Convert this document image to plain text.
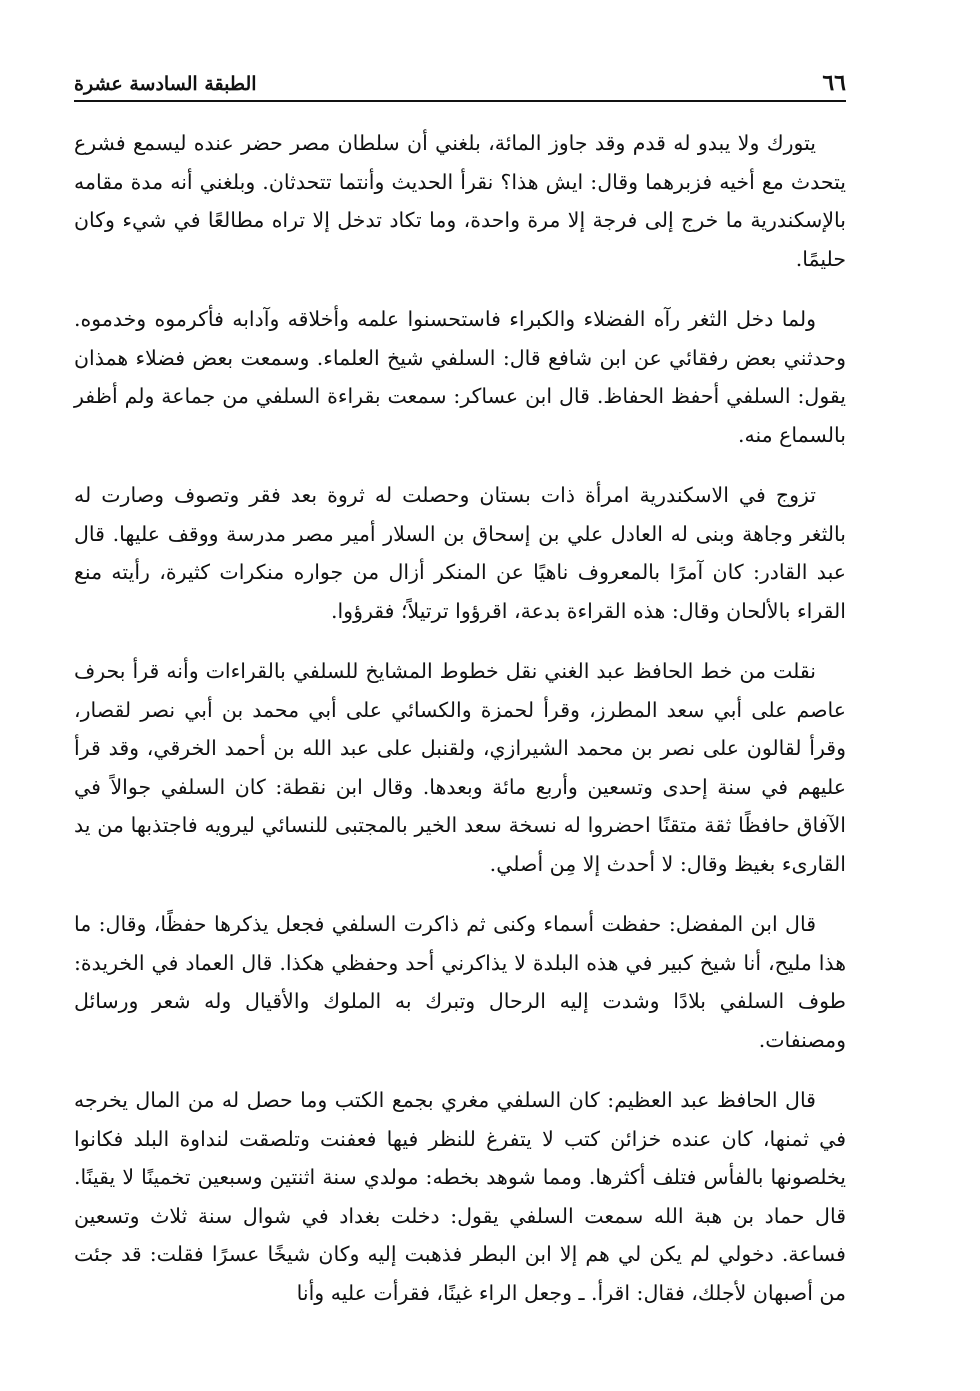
٦٦
الطبقة السادسة عشرة

يتورك ولا يبدو له قدم وقد جاوز المائة، بلغني أن سلطان مصر حضر عنده ليسمع فشرع يتحدث مع أخيه فزبرهما وقال: ايش هذا؟ نقرأ الحديث وأنتما تتحدثان. وبلغني أنه مدة مقامه بالإسكندرية ما خرج إلى فرجة إلا مرة واحدة، وما تكاد تدخل إلا تراه مطالعًا في شيء وكان حليمًا.

ولما دخل الثغر رآه الفضلاء والكبراء فاستحسنوا علمه وأخلاقه وآدابه فأكرموه وخدموه. وحدثني بعض رفقائي عن ابن شافع قال: السلفي شيخ العلماء. وسمعت بعض فضلاء همذان يقول: السلفي أحفظ الحفاظ. قال ابن عساكر: سمعت بقراءة السلفي من جماعة ولم أظفر بالسماع منه.

تزوج في الاسكندرية امرأة ذات بستان وحصلت له ثروة بعد فقر وتصوف وصارت له بالثغر وجاهة وبنى له العادل علي بن إسحاق بن السلار أمير مصر مدرسة ووقف عليها. قال عبد القادر: كان آمرًا بالمعروف ناهيًا عن المنكر أزال من جواره منكرات كثيرة، رأيته منع القراء بالألحان وقال: هذه القراءة بدعة، اقرؤوا ترتيلاً؛ فقرؤوا.

نقلت من خط الحافظ عبد الغني نقل خطوط المشايخ للسلفي بالقراءات وأنه قرأ بحرف عاصم على أبي سعد المطرز، وقرأ لحمزة والكسائي على أبي محمد بن أبي نصر لقصار، وقرأ لقالون على نصر بن محمد الشيرازي، ولقنبل على عبد الله بن أحمد الخرقي، وقد قرأ عليهم في سنة إحدى وتسعين وأربع مائة وبعدها. وقال ابن نقطة: كان السلفي جوالاً في الآفاق حافظًا ثقة متقنًا احضروا له نسخة سعد الخير بالمجتبى للنسائي ليرويه فاجتذبها من يد القارىء بغيظ وقال: لا أحدث إلا مِن أصلي.

قال ابن المفضل: حفظت أسماء وكنى ثم ذاكرت السلفي فجعل يذكرها حفظًا، وقال: ما هذا مليح، أنا شيخ كبير في هذه البلدة لا يذاكرني أحد وحفظي هكذا. قال العماد في الخريدة: طوف السلفي بلادًا وشدت إليه الرحال وتبرك به الملوك والأقيال وله شعر ورسائل ومصنفات.

قال الحافظ عبد العظيم: كان السلفي مغري بجمع الكتب وما حصل له من المال يخرجه في ثمنها، كان عنده خزائن كتب لا يتفرغ للنظر فيها فعفنت وتلصقت لنداوة البلد فكانوا يخلصونها بالفأس فتلف أكثرها. ومما شوهد بخطه: مولدي سنة اثنتين وسبعين تخمينًا لا يقينًا. قال حماد بن هبة الله سمعت السلفي يقول: دخلت بغداد في شوال سنة ثلاث وتسعين فساعة. دخولي لم يكن لي هم إلا ابن البطر فذهبت إليه وكان شيخًا عسرًا فقلت: قد جئت من أصبهان لأجلك، فقال: اقرأ. ـ وجعل الراء غينًا، فقرأت عليه وأنا
